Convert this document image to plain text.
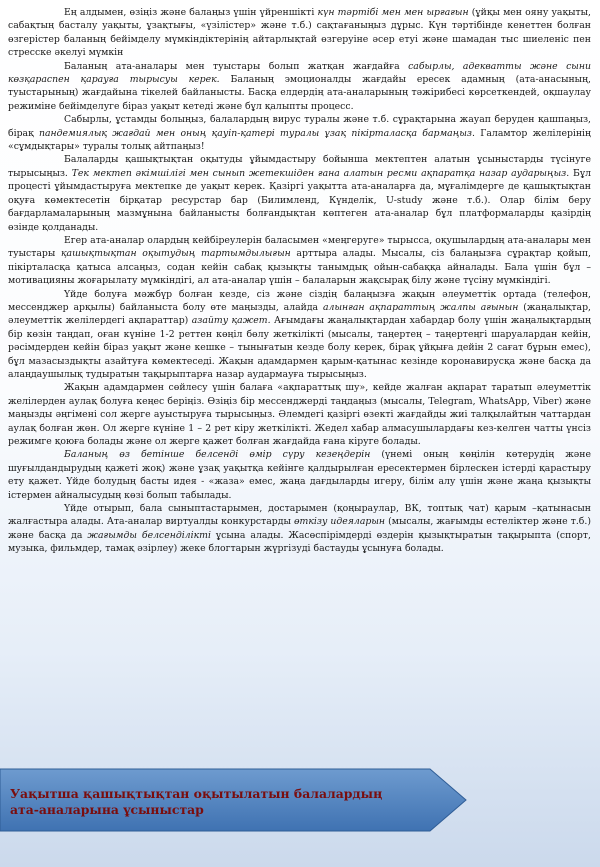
Ең алдымен, өзіңіз және балаңыз үшін үйреншікті күн тәртібі мен мен ырғағын (ұйқы мен ояну уақыты, сабақтың басталу уақыты, ұзақтығы, «үзілістер» және т.б.) сақтағаныңыз дұрыс. Күн тәртібінде кенеттен болған өзгерістер баланың бейімделу мүмкіндіктерінің айтарлықтай өзгеруіне әсер етуі және шамадан тыс шиеленіс пен стресске әкелуі мүмкін

Баланың ата-аналары мен туыстары болып жатқан жағдайға сабырлы, адекватты және сыни көзқараспен қарауға тырысуы керек. Баланың эмоционалды жағдайы ересек адамның (ата-анасының, туыстарының) жағдайына тікелей байланысты. Басқа елдердің ата-аналарының тәжірибесі көрсеткендей, оқшаулау режиміне бейімделуге біраз уақыт кетеді және бұл қалыпты процесс.

Сабырлы, ұстамды болыңыз, балалардың вирус туралы және т.б. сұрақтарына жауап беруден қашпаңыз, бірақ пандемиялық жағдай мен оның қауіп-қатері туралы ұзақ пікірталасқа бармаңыз. Галамтор желілерінің «сұмдықтары» туралы толық айтпаңыз!

Балаларды қашықтықтан оқытуды ұйымдастыру бойынша мектептен алатын ұсыныстарды түсінуге тырысыңыз. Тек мектеп әкімшілігі мен сынып жетекшіден ғана алатын ресми ақпаратқа назар аударыңыз. Бұл процесті ұйымдастыруға мектепке де уақыт керек. Қазіргі уақытта ата-аналарға да, мұғалімдерге де қашықтықтан оқуға көмектесетін бірқатар ресурстар бар (Билимленд, Күнделік, U-study және т.б.). Олар білім беру бағдарламаларының мазмұнына байланысты болғандықтан көптеген ата-аналар бұл платформаларды қазірдің өзінде қолданады.

Егер ата-аналар олардың кейбіреулерін баласымен «меңгеруге» тырысса, оқушылардың ата-аналары мен туыстары қашықтықтан оқытудың тартымдылығын арттыра алады. Мысалы, сіз балаңызға сұрақтар қойып, пікірталасқа қатыса алсаңыз, содан кейін сабақ қызықты танымдық ойын-сабаққа айналады. Бала үшін бұл – мотивацияны жоғарылату мүмкіндігі, ал ата-аналар үшін – балаларын жақсырақ білу және түсіну мүмкіндігі.

Үйде болуға мәжбүр болған кезде, сіз және сіздің балаңызға жақын әлеуметтік ортада (телефон, мессенджер арқылы) байланыста болу өте маңызды, алайда алынған ақпараттың жалпы ағынын (жаңалықтар, әлеуметтік желілердегі ақпараттар) азайту қажет. Ағымдағы жаңалықтардан хабардар болу үшін жаңалықтардың бір көзін таңдап, оған күніне 1-2 реттен көңіл бөлу жеткілікті (мысалы, таңертең – таңертеңгі шаруалардан кейін, рәсімдерден кейін біраз уақыт және кешке – тынығатын кезде болу керек, бірақ ұйқыға дейін 2 сағат бұрын емес), бұл мазасыздықты азайтуға көмектеседі. Жақын адамдармен қарым-қатынас кезінде коронавирусқа және басқа да алаңдаушылық тудыратын тақырыптарға назар аудармауға тырысыңыз.

Жақын адамдармен сөйлесу үшін балаға «ақпараттық шу», кейде жалған ақпарат таратып әлеуметтік желілерден аулақ болуға кеңес беріңіз. Өзіңіз бір мессенджерді таңдаңыз (мысалы, Telegram, WhatsApp, Viber) және маңызды әңгімені сол жерге ауыстыруға тырысыңыз. Әлемдегі қазіргі өзекті жағдайды жиі талқылайтын чаттардан аулақ болған жөн. Ол жерге күніне 1 – 2 рет кіру жеткілікті. Жедел хабар алмасушылардағы кез-келген чатты үнсіз режимге қоюға болады және ол жерге қажет болған жағдайда ғана кіруге болады.

Баланың өз бетінше белсенді өмір сүру кезеңдерін (үнемі оның көңілін көтерудің және шуғылдандырудың қажеті жоқ) және ұзақ уақытқа кейінге қалдырылған ересектермен бірлескен істерді қарастыру ету қажет. Үйде болудың басты идея - «жаза» емес, жаңа дағдыларды игеру, білім алу үшін және жаңа қызықты істермен айналысудың көзі болып табылады.

Үйде отырып, бала сыныптастарымен, достарымен (қоңыраулар, ВК, топтық чат) қарым –қатынасын жалғастыра алады. Ата-аналар виртуалды конкурстарды өткізу идеяларын (мысалы, жағымды естеліктер және т.б.) және басқа да жағымды белсенділікті ұсына алады. Жасөспірімдерді өздерін қызықтыратын тақырыпта (спорт, музыка, фильмдер, тамақ әзірлеу) жеке блогтарын жүргізуді бастауды ұсынуға болады.

Уақытша қашықтықтан оқытылатын балалардың
ата-аналарына ұсыныстар
